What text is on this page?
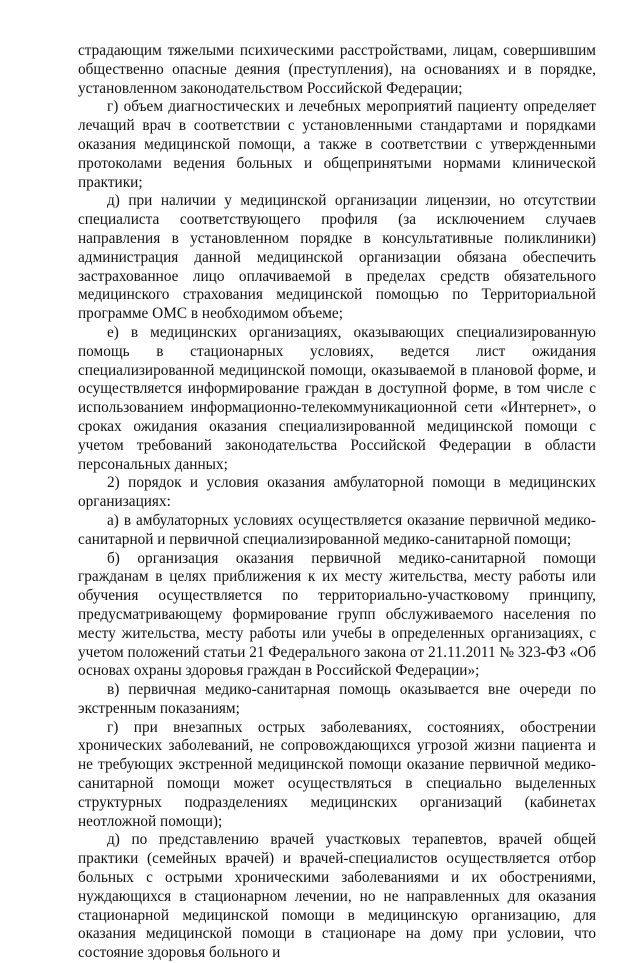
страдающим тяжелыми психическими расстройствами, лицам, совершившим общественно опасные деяния (преступления), на основаниях и в порядке, установленном законодательством Российской Федерации;

г) объем диагностических и лечебных мероприятий пациенту определяет лечащий врач в соответствии с установленными стандартами и порядками оказания медицинской помощи, а также в соответствии с утвержденными протоколами ведения больных и общепринятыми нормами клинической практики;

д) при наличии у медицинской организации лицензии, но отсутствии специалиста соответствующего профиля (за исключением случаев направления в установленном порядке в консультативные поликлиники) администрация данной медицинской организации обязана обеспечить застрахованное лицо оплачиваемой в пределах средств обязательного медицинского страхования медицинской помощью по Территориальной программе ОМС в необходимом объеме;

е) в медицинских организациях, оказывающих специализированную помощь в стационарных условиях, ведется лист ожидания специализированной медицинской помощи, оказываемой в плановой форме, и осуществляется информирование граждан в доступной форме, в том числе с использованием информационно-телекоммуникационной сети «Интернет», о сроках ожидания оказания специализированной медицинской помощи с учетом требований законодательства Российской Федерации в области персональных данных;

2) порядок и условия оказания амбулаторной помощи в медицинских организациях:

а) в амбулаторных условиях осуществляется оказание первичной медико-санитарной и первичной специализированной медико-санитарной помощи;

б) организация оказания первичной медико-санитарной помощи гражданам в целях приближения к их месту жительства, месту работы или обучения осуществляется по территориально-участковому принципу, предусматривающему формирование групп обслуживаемого населения по месту жительства, месту работы или учебы в определенных организациях, с учетом положений статьи 21 Федерального закона от 21.11.2011 № 323-ФЗ «Об основах охраны здоровья граждан в Российской Федерации»;

в) первичная медико-санитарная помощь оказывается вне очереди по экстренным показаниям;

г) при внезапных острых заболеваниях, состояниях, обострении хронических заболеваний, не сопровождающихся угрозой жизни пациента и не требующих экстренной медицинской помощи оказание первичной медико-санитарной помощи может осуществляться в специально выделенных структурных подразделениях медицинских организаций (кабинетах неотложной помощи);

д) по представлению врачей участковых терапевтов, врачей общей практики (семейных врачей) и врачей-специалистов осуществляется отбор больных с острыми хроническими заболеваниями и их обострениями, нуждающихся в стационарном лечении, но не направленных для оказания стационарной медицинской помощи в медицинскую организацию, для оказания медицинской помощи в стационаре на дому при условии, что состояние здоровья больного и
